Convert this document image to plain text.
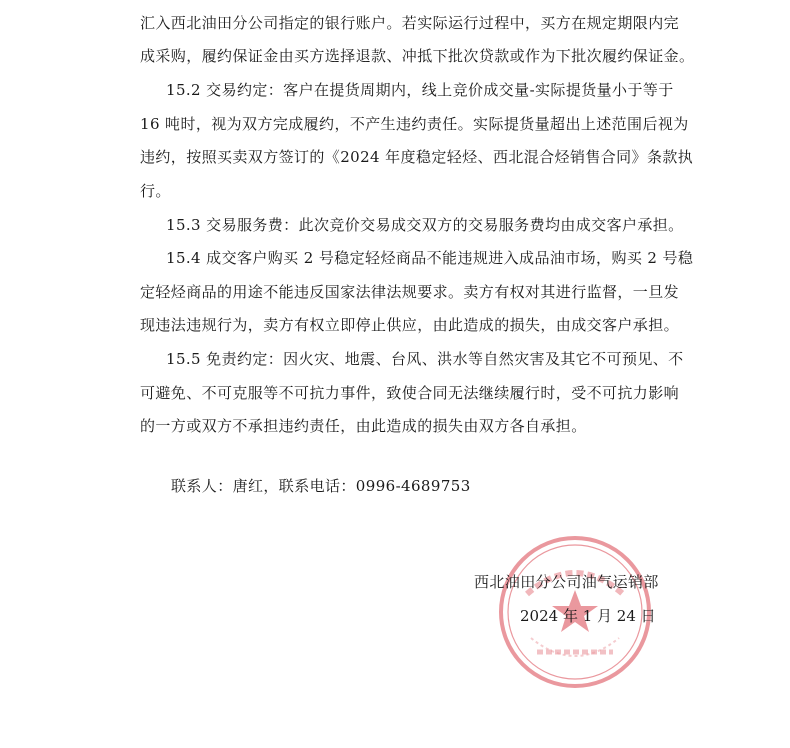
汇入西北油田分公司指定的银行账户。若实际运行过程中，买方在规定期限内完
成采购，履约保证金由买方选择退款、冲抵下批次贷款或作为下批次履约保证金。
15.2 交易约定：客户在提货周期内，线上竞价成交量-实际提货量小于等于
16 吨时，视为双方完成履约，不产生违约责任。实际提货量超出上述范围后视为
违约，按照买卖双方签订的《2024 年度稳定轻烃、西北混合烃销售合同》条款执
行。
15.3 交易服务费：此次竞价交易成交双方的交易服务费均由成交客户承担。
15.4 成交客户购买 2 号稳定轻烃商品不能违规进入成品油市场，购买 2 号稳
定轻烃商品的用途不能违反国家法律法规要求。卖方有权对其进行监督，一旦发
现违法违规行为，卖方有权立即停止供应，由此造成的损失，由成交客户承担。
15.5 免责约定：因火灾、地震、台风、洪水等自然灾害及其它不可预见、不
可避免、不可克服等不可抗力事件，致使合同无法继续履行时，受不可抗力影响
的一方或双方不承担违约责任，由此造成的损失由双方各自承担。
联系人：唐红，联系电话：0996-4689753
西北油田分公司油气运销部
2024 年 1 月 24 日
